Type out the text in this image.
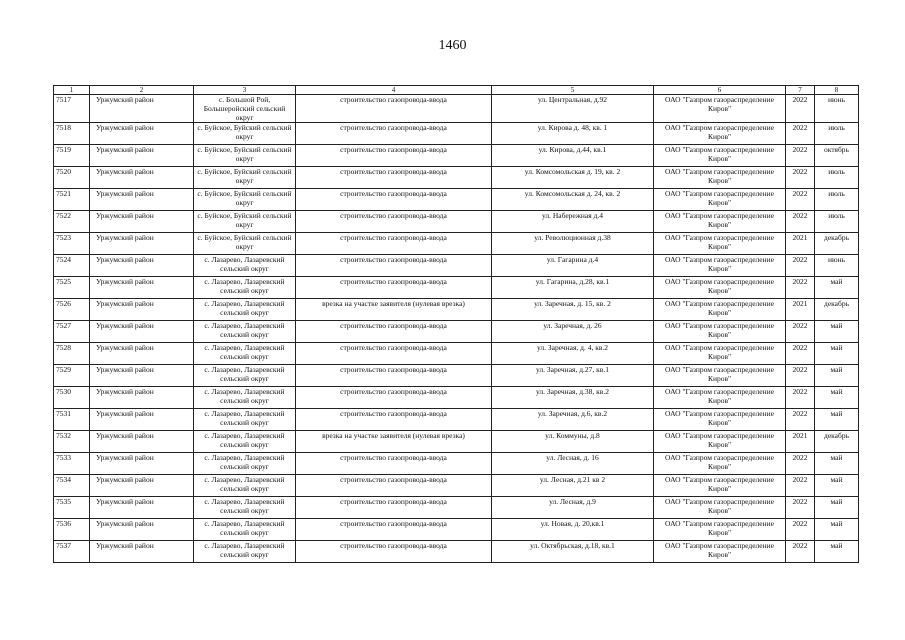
1460
1	2	3	4	5	6	7	8
7517	Уржумский район	с. Большой Рой, Большеройский сельский округ	строительство газопровода-ввода	ул. Центральная, д.92	ОАО "Газпром газораспределение Киров"	2022	июнь
7518	Уржумский район	с. Буйское, Буйский сельский округ	строительство газопровода-ввода	ул. Кирова д. 48, кв. 1	ОАО "Газпром газораспределение Киров"	2022	июль
7519	Уржумский район	с. Буйское, Буйский сельский округ	строительство газопровода-ввода	ул. Кирова, д.44, кв.1	ОАО "Газпром газораспределение Киров"	2022	октябрь
7520	Уржумский район	с. Буйское, Буйский сельский округ	строительство газопровода-ввода	ул. Комсомольская д. 19, кв. 2	ОАО "Газпром газораспределение Киров"	2022	июль
7521	Уржумский район	с. Буйское, Буйский сельский округ	строительство газопровода-ввода	ул. Комсомольская д. 24, кв. 2	ОАО "Газпром газораспределение Киров"	2022	июль
7522	Уржумский район	с. Буйское, Буйский сельский округ	строительство газопровода-ввода	ул. Набережная д.4	ОАО "Газпром газораспределение Киров"	2022	июль
7523	Уржумский район	с. Буйское, Буйский сельский округ	строительство газопровода-ввода	ул. Революционная д.38	ОАО "Газпром газораспределение Киров"	2021	декабрь
7524	Уржумский район	с. Лазарево, Лазаревский сельский округ	строительство газопровода-ввода	ул. Гагарина д.4	ОАО "Газпром газораспределение Киров"	2022	июнь
7525	Уржумский район	с. Лазарево, Лазаревский сельский округ	строительство газопровода-ввода	ул. Гагарина, д.28, кв.1	ОАО "Газпром газораспределение Киров"	2022	май
7526	Уржумский район	с. Лазарево, Лазаревский сельский округ	врезка на участке заявителя (нулевая врезка)	ул. Заречная, д. 15, кв. 2	ОАО "Газпром газораспределение Киров"	2021	декабрь
7527	Уржумский район	с. Лазарево, Лазаревский сельский округ	строительство газопровода-ввода	ул. Заречная, д. 26	ОАО "Газпром газораспределение Киров"	2022	май
7528	Уржумский район	с. Лазарево, Лазаревский сельский округ	строительство газопровода-ввода	ул. Заречная, д. 4, кв.2	ОАО "Газпром газораспределение Киров"	2022	май
7529	Уржумский район	с. Лазарево, Лазаревский сельский округ	строительство газопровода-ввода	ул. Заречная, д.27, кв.1	ОАО "Газпром газораспределение Киров"	2022	май
7530	Уржумский район	с. Лазарево, Лазаревский сельский округ	строительство газопровода-ввода	ул. Заречная, д.38, кв.2	ОАО "Газпром газораспределение Киров"	2022	май
7531	Уржумский район	с. Лазарево, Лазаревский сельский округ	строительство газопровода-ввода	ул. Заречная, д.6, кв.2	ОАО "Газпром газораспределение Киров"	2022	май
7532	Уржумский район	с. Лазарево, Лазаревский сельский округ	врезка на участке заявителя (нулевая врезка)	ул. Коммуны, д.8	ОАО "Газпром газораспределение Киров"	2021	декабрь
7533	Уржумский район	с. Лазарево, Лазаревский сельский округ	строительство газопровода-ввода	ул. Лесная, д. 16	ОАО "Газпром газораспределение Киров"	2022	май
7534	Уржумский район	с. Лазарево, Лазаревский сельский округ	строительство газопровода-ввода	ул. Лесная, д.21 кв 2	ОАО "Газпром газораспределение Киров"	2022	май
7535	Уржумский район	с. Лазарево, Лазаревский сельский округ	строительство газопровода-ввода	ул. Лесная, д.9	ОАО "Газпром газораспределение Киров"	2022	май
7536	Уржумский район	с. Лазарево, Лазаревский сельский округ	строительство газопровода-ввода	ул. Новая, д. 20,кв.1	ОАО "Газпром газораспределение Киров"	2022	май
7537	Уржумский район	с. Лазарево, Лазаревский сельский округ	строительство газопровода-ввода	ул. Октябрьская, д.18, кв.1	ОАО "Газпром газораспределение Киров"	2022	май
